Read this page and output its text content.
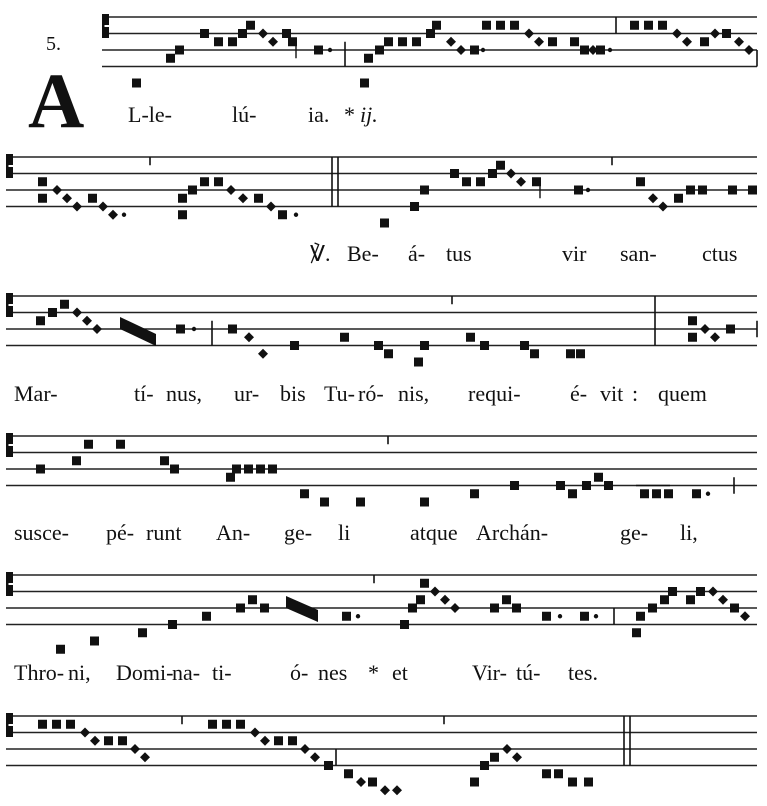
5.
A L-le-	lú- ia. * ij.
℣. Be- á- tus	vir san- ctus
Mar-	tí- nus, ur- bis Tu- ró- nis, requi- é- vit : quem
susce- pé- runt An- ge- li	atque Archán-	ge- li,
Thro- ni, Domi-
na- ti-	ó- nes * et	Vir- tú- tes.
